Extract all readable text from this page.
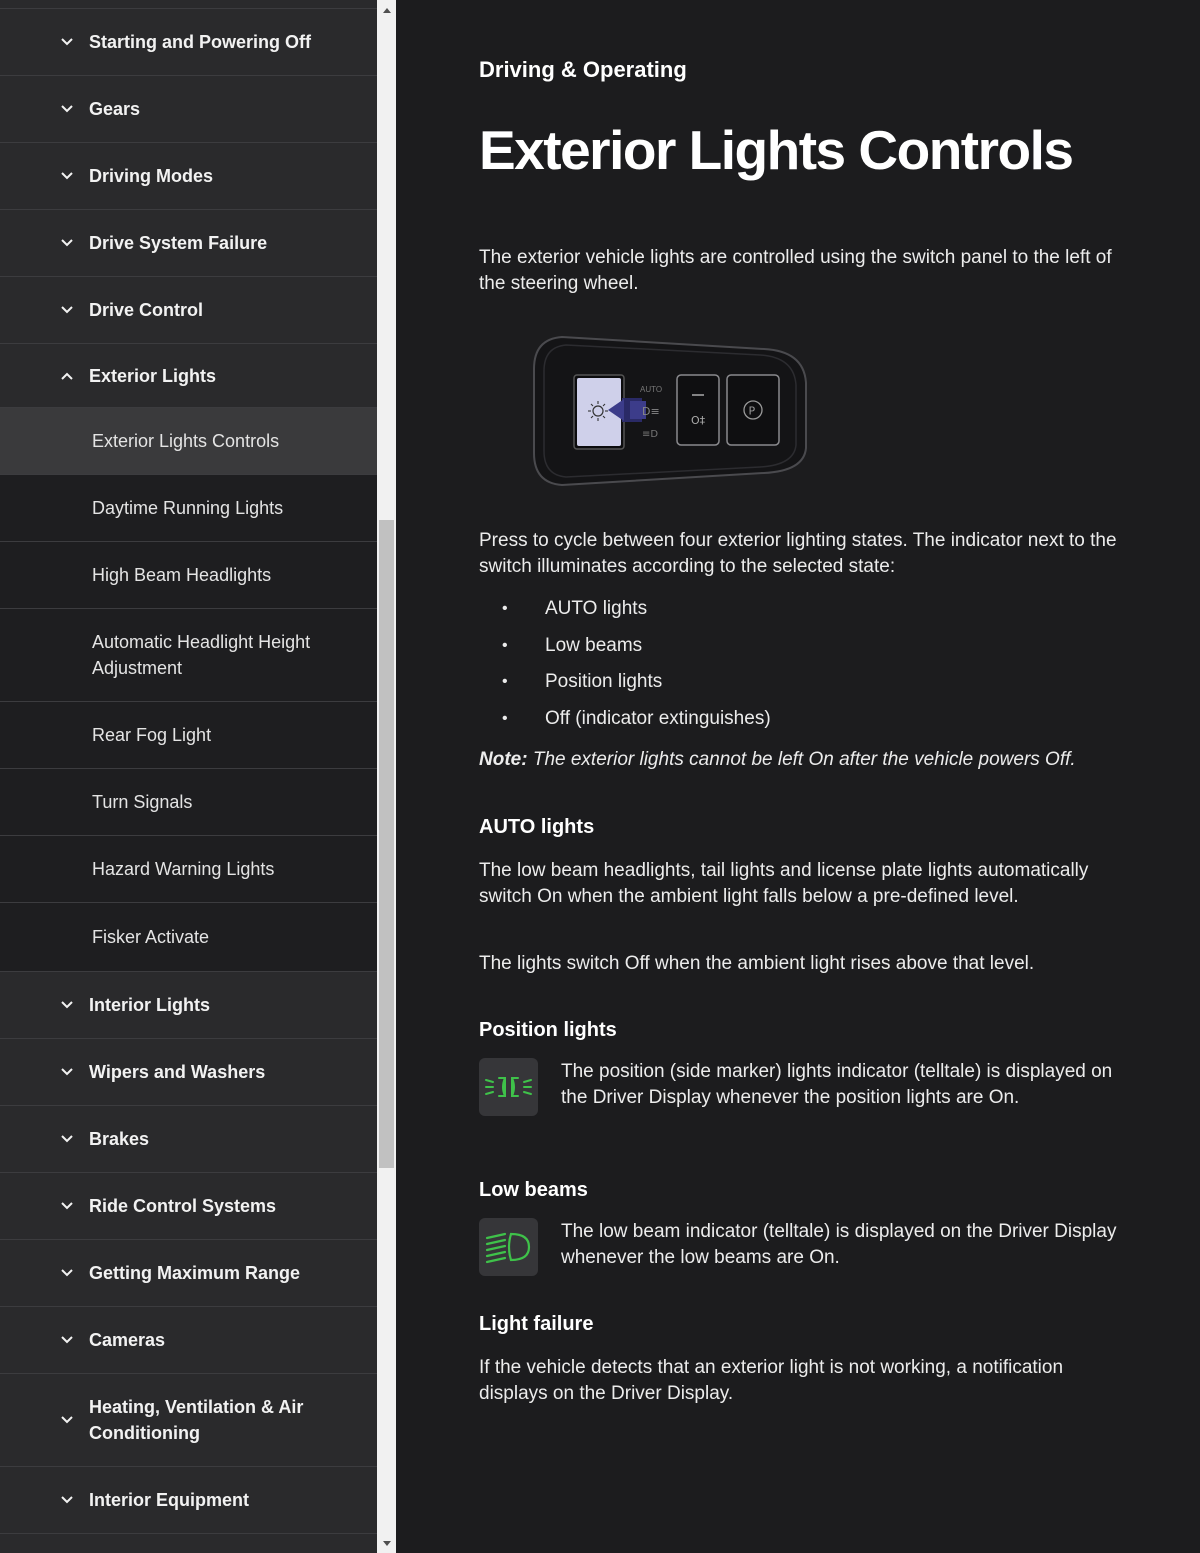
Starting and Powering Off
Gears
Driving Modes
Drive System Failure
Drive Control
Exterior Lights
Exterior Lights Controls
Daytime Running Lights
High Beam Headlights
Automatic Headlight Height Adjustment
Rear Fog Light
Turn Signals
Hazard Warning Lights
Fisker Activate
Interior Lights
Wipers and Washers
Brakes
Ride Control Systems
Getting Maximum Range
Cameras
Heating, Ventilation & Air Conditioning
Interior Equipment
Driving & Operating
Exterior Lights Controls

The exterior vehicle lights are controlled using the switch panel to the left of the steering wheel.

AUTO
D≡
≡D
O‡
P

Press to cycle between four exterior lighting states. The indicator next to the switch illuminates according to the selected state:

• AUTO lights
• Low beams
• Position lights
• Off (indicator extinguishes)

Note: The exterior lights cannot be left On after the vehicle powers Off.

AUTO lights

The low beam headlights, tail lights and license plate lights automatically switch On when the ambient light falls below a pre-defined level.

The lights switch Off when the ambient light rises above that level.

Position lights

The position (side marker) lights indicator (telltale) is displayed on the Driver Display whenever the position lights are On.

Low beams

The low beam indicator (telltale) is displayed on the Driver Display whenever the low beams are On.

Light failure

If the vehicle detects that an exterior light is not working, a notification displays on the Driver Display.
